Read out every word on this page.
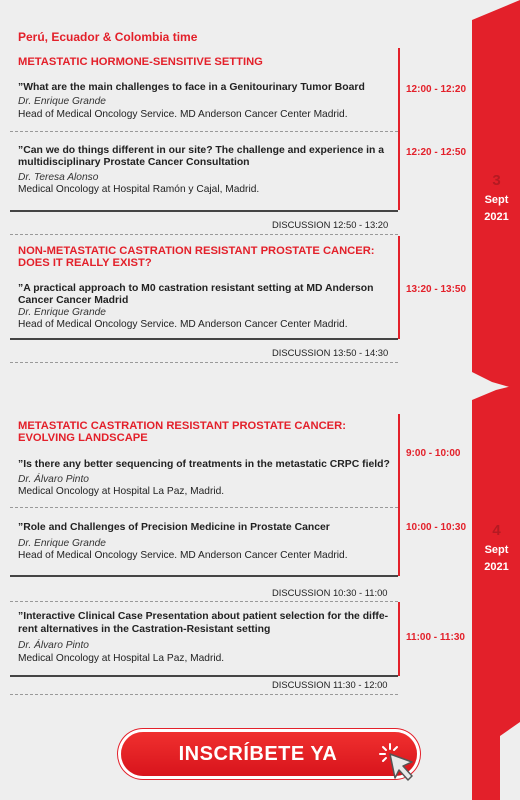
Perú, Ecuador & Colombia time
3
Sept
2021
4
Sept
2021
METASTATIC HORMONE-SENSITIVE SETTING
”What are the main challenges to face in a Genitourinary Tumor Board
Dr. Enrique Grande
Head of Medical Oncology Service. MD Anderson Cancer Center Madrid.
12:00 - 12:20
”Can we do things different in our site? The challenge and experience in a
multidisciplinary Prostate Cancer Consultation
Dr. Teresa Alonso
Medical Oncology at Hospital Ramón y Cajal, Madrid.
12:20 - 12:50
DISCUSSION 12:50 - 13:20
NON-METASTATIC CASTRATION RESISTANT PROSTATE CANCER:
DOES IT REALLY EXIST?
”A practical approach to M0 castration resistant setting at MD Anderson
Cancer Cancer Madrid
Dr. Enrique Grande
Head of Medical Oncology Service. MD Anderson Cancer Center Madrid.
13:20 - 13:50
DISCUSSION 13:50 - 14:30
METASTATIC CASTRATION RESISTANT PROSTATE CANCER:
EVOLVING LANDSCAPE
”Is there any better sequencing of treatments in the metastatic CRPC field?
Dr. Álvaro Pinto
Medical Oncology at Hospital La Paz, Madrid.
9:00 - 10:00
”Role and Challenges of Precision Medicine in Prostate Cancer
Dr. Enrique Grande
Head of Medical Oncology Service. MD Anderson Cancer Center Madrid.
10:00 - 10:30
DISCUSSION 10:30 - 11:00
”Interactive Clinical Case Presentation about patient selection for the diffe-
rent alternatives in the Castration-Resistant setting
Dr. Álvaro Pinto
Medical Oncology at Hospital La Paz, Madrid.
11:00 - 11:30
DISCUSSION 11:30 - 12:00
INSCRÍBETE YA
